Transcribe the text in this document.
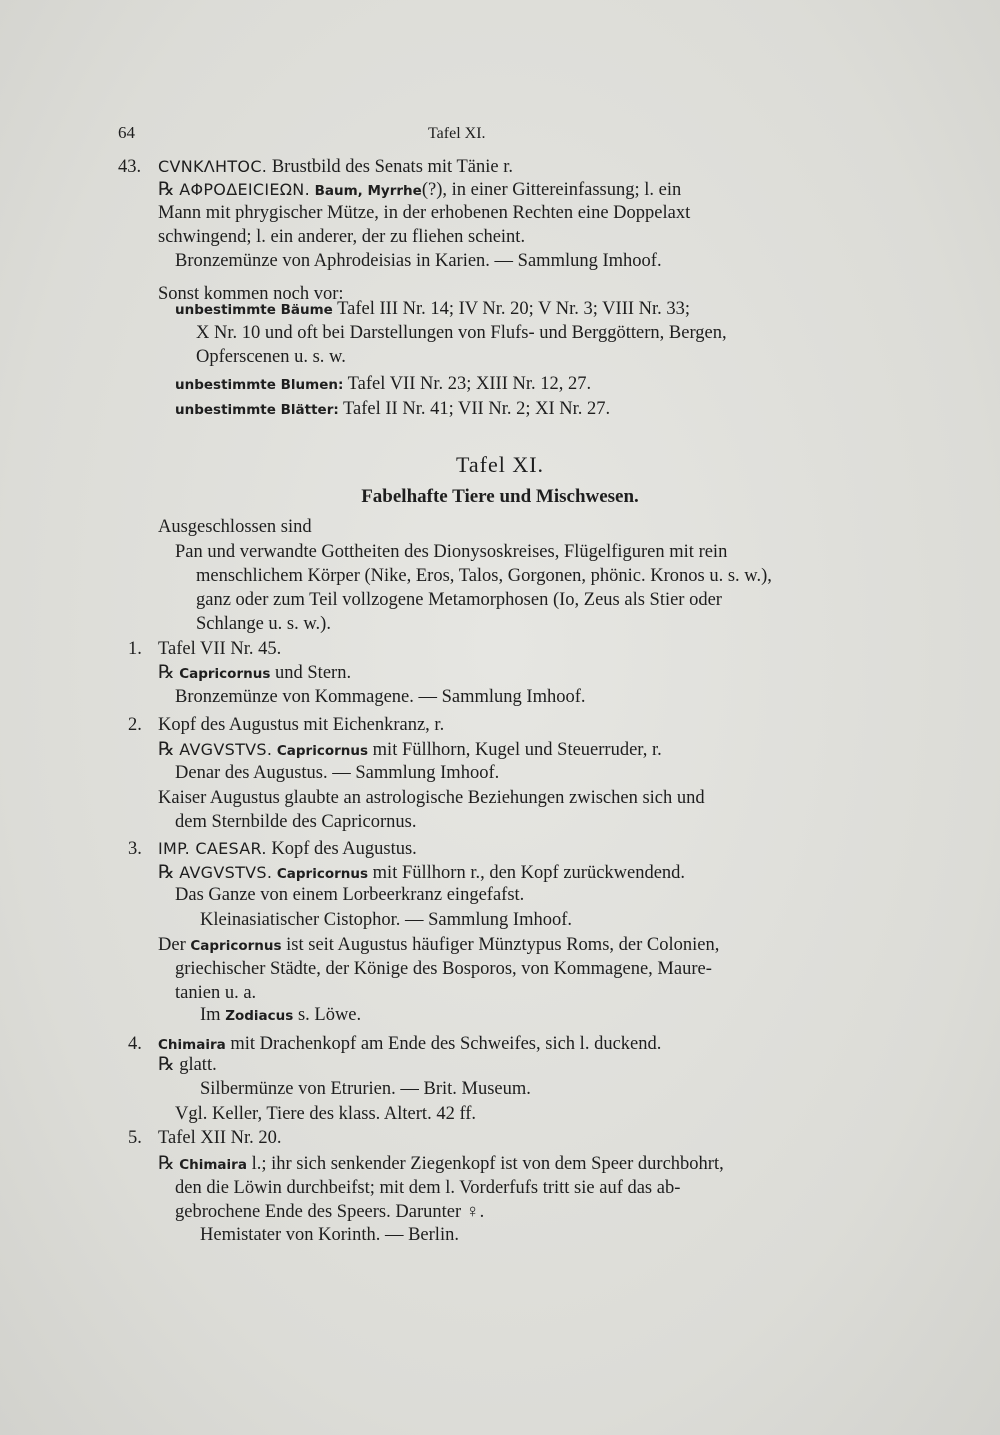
64	Tafel XI.
43. CVNKΛHTOC. Brustbild des Senats mit Tänie r.
℞ AΦPOΔEICIEΩN. Baum, Myrrhe(?), in einer Gittereinfassung; l. ein
Mann mit phrygischer Mütze, in der erhobenen Rechten eine Doppelaxt
schwingend; l. ein anderer, der zu fliehen scheint.
Bronzemünze von Aphrodeisias in Karien. — Sammlung Imhoof.
Sonst kommen noch vor:
unbestimmte Bäume Tafel III Nr. 14; IV Nr. 20; V Nr. 3; VIII Nr. 33;
X Nr. 10 und oft bei Darstellungen von Flufs- und Berggöttern, Bergen,
Opferscenen u. s. w.
unbestimmte Blumen: Tafel VII Nr. 23; XIII Nr. 12, 27.
unbestimmte Blätter: Tafel II Nr. 41; VII Nr. 2; XI Nr. 27.
Ausgeschlossen sind
Pan und verwandte Gottheiten des Dionysoskreises, Flügelfiguren mit rein
menschlichem Körper (Nike, Eros, Talos, Gorgonen, phönic. Kronos u. s. w.),
ganz oder zum Teil vollzogene Metamorphosen (Io, Zeus als Stier oder
Schlange u. s. w.).
1. Tafel VII Nr. 45.
℞ Capricornus und Stern.
Bronzemünze von Kommagene. — Sammlung Imhoof.
2. Kopf des Augustus mit Eichenkranz, r.
℞ AVGVSTVS. Capricornus mit Füllhorn, Kugel und Steuerruder, r.
Denar des Augustus. — Sammlung Imhoof.
Kaiser Augustus glaubte an astrologische Beziehungen zwischen sich und
dem Sternbilde des Capricornus.
3. IMP. CAESAR. Kopf des Augustus.
℞ AVGVSTVS. Capricornus mit Füllhorn r., den Kopf zurückwendend.
Das Ganze von einem Lorbeerkranz eingefafst.
Kleinasiatischer Cistophor. — Sammlung Imhoof.
Der Capricornus ist seit Augustus häufiger Münztypus Roms, der Colonien,
griechischer Städte, der Könige des Bosporos, von Kommagene, Maure-
tanien u. a.
Im Zodiacus s. Löwe.
4. Chimaira mit Drachenkopf am Ende des Schweifes, sich l. duckend.
℞ glatt.
Silbermünze von Etrurien. — Brit. Museum.
Vgl. Keller, Tiere des klass. Altert. 42 ff.
5. Tafel XII Nr. 20.
℞ Chimaira l.; ihr sich senkender Ziegenkopf ist von dem Speer durchbohrt,
den die Löwin durchbeifst; mit dem l. Vorderfufs tritt sie auf das ab-
gebrochene Ende des Speers. Darunter ♀.
Hemistater von Korinth. — Berlin.
Tafel XI.
Fabelhafte Tiere und Mischwesen.
